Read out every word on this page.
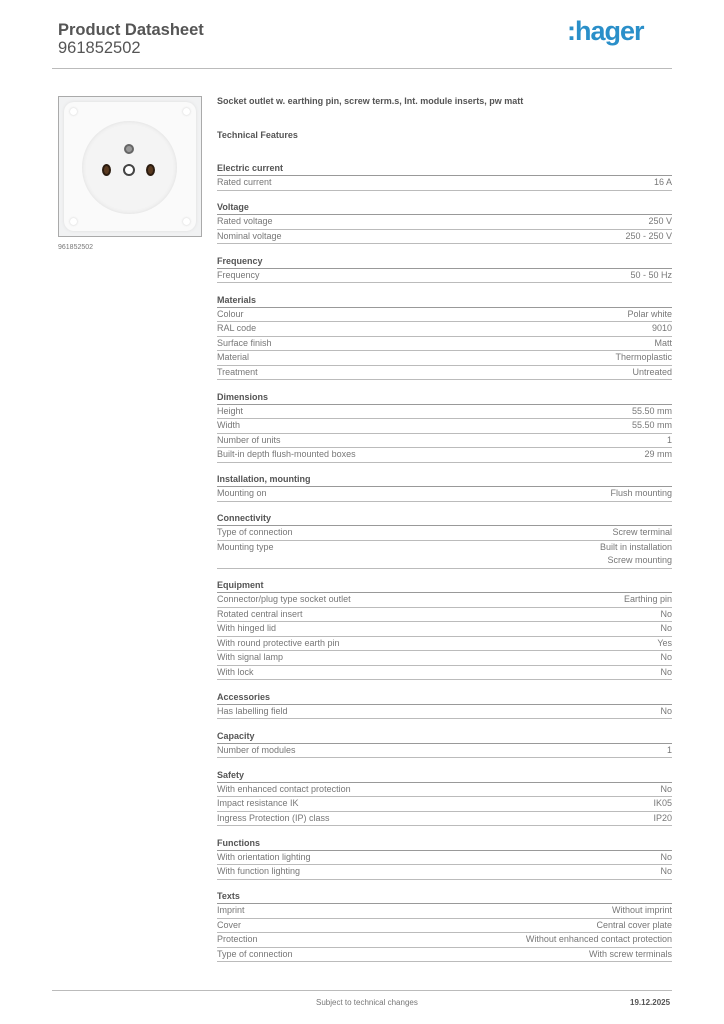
Product Datasheet
961852502
:hager
961852502
Socket outlet w. earthing pin, screw term.s, Int. module inserts, pw matt
Technical Features
Electric current
Rated current	16 A
Voltage
Rated voltage	250 V
Nominal voltage	250 - 250 V
Frequency
Frequency	50 - 50 Hz
Materials
Colour	Polar white
RAL code	9010
Surface finish	Matt
Material	Thermoplastic
Treatment	Untreated
Dimensions
Height	55.50 mm
Width	55.50 mm
Number of units	1
Built-in depth flush-mounted boxes	29 mm
Installation, mounting
Mounting on	Flush mounting
Connectivity
Type of connection	Screw terminal
Mounting type	Built in installation
Screw mounting
Equipment
Connector/plug type socket outlet	Earthing pin
Rotated central insert	No
With hinged lid	No
With round protective earth pin	Yes
With signal lamp	No
With lock	No
Accessories
Has labelling field	No
Capacity
Number of modules	1
Safety
With enhanced contact protection	No
Impact resistance IK	IK05
Ingress Protection (IP) class	IP20
Functions
With orientation lighting	No
With function lighting	No
Texts
Imprint	Without imprint
Cover	Central cover plate
Protection	Without enhanced contact protection
Type of connection	With screw terminals
Subject to technical changes	19.12.2025
